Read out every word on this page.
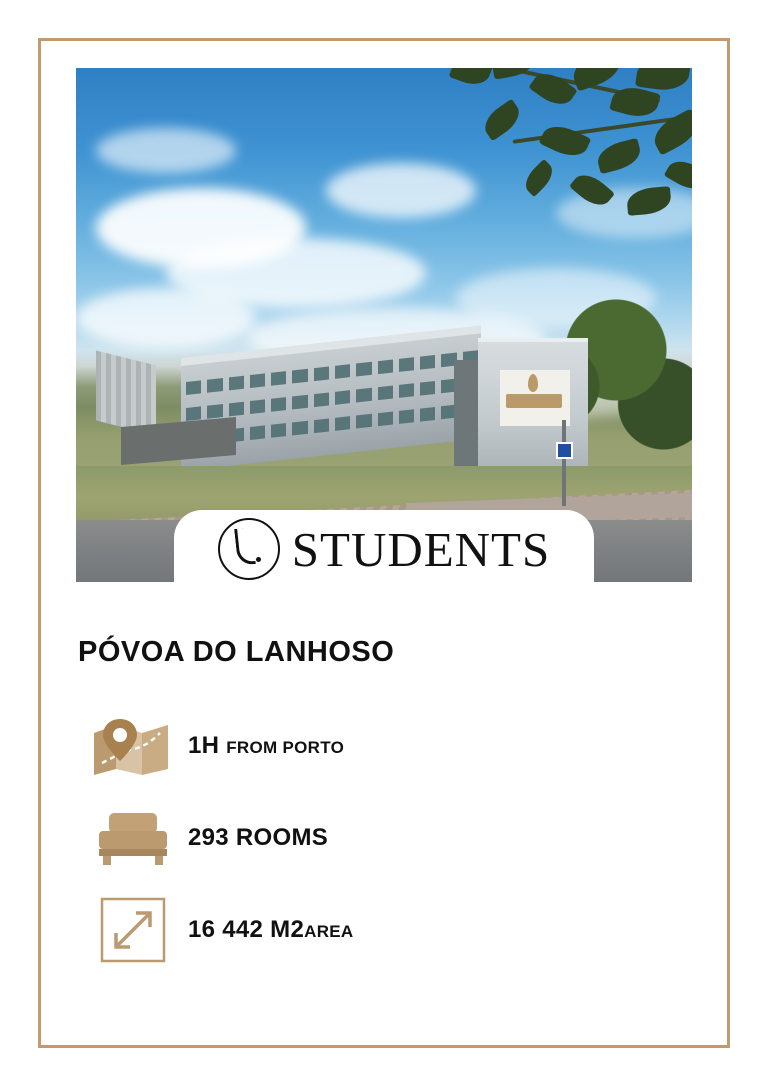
STUDENTS
PÓVOA DO LANHOSO
1H FROM PORTO
293 ROOMS
16 442 M2AREA
